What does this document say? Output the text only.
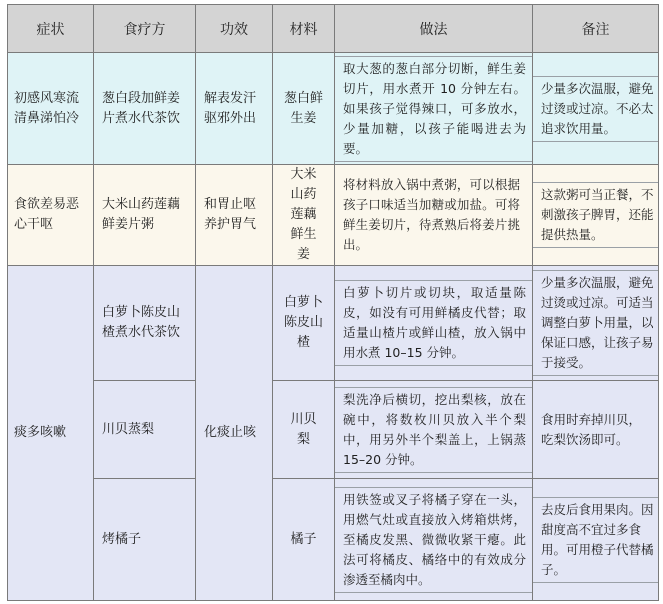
症状	食疗方	功效	材料	做法	备注
初感风寒流清鼻涕怕冷	葱白段加鲜姜片煮水代茶饮	解表发汗驱邪外出	葱白鲜生姜	取大葱的葱白部分切断，鲜生姜切片，用水煮开 10 分钟左右。如果孩子觉得辣口，可多放水，少量加糖，以孩子能喝进去为要。	少量多次温服，避免过烫或过凉。不必太追求饮用量。

食欲差易恶心干呕	大米山药莲藕鲜姜片粥	和胃止呕养护胃气	大米山药莲藕鲜生姜	将材料放入锅中煮粥，可以根据孩子口味适当加糖或加盐。可将鲜生姜切片，待煮熟后将姜片挑出。	这款粥可当正餐，不刺激孩子脾胃，还能提供热量。

痰多咳嗽	白萝卜陈皮山楂煮水代茶饮	化痰止咳	白萝卜陈皮山楂	白萝卜切片或切块，取适量陈皮，如没有可用鲜橘皮代替；取适量山楂片或鲜山楂，放入锅中用水煮 10–15 分钟。	少量多次温服，避免过烫或过凉。可适当调整白萝卜用量，以保证口感，让孩子易于接受。

	川贝蒸梨		川贝梨	梨洗净后横切，挖出梨核，放在碗中，将数枚川贝放入半个梨中，用另外半个梨盖上，上锅蒸 15–20 分钟。	食用时弃掉川贝，吃梨饮汤即可。

	烤橘子		橘子	用铁签或叉子将橘子穿在一头，用燃气灶或直接放入烤箱烘烤，至橘皮发黑、微微收紧干瘪。此法可将橘皮、橘络中的有效成分渗透至橘肉中。	去皮后食用果肉。因甜度高不宜过多食用。可用橙子代替橘子。
